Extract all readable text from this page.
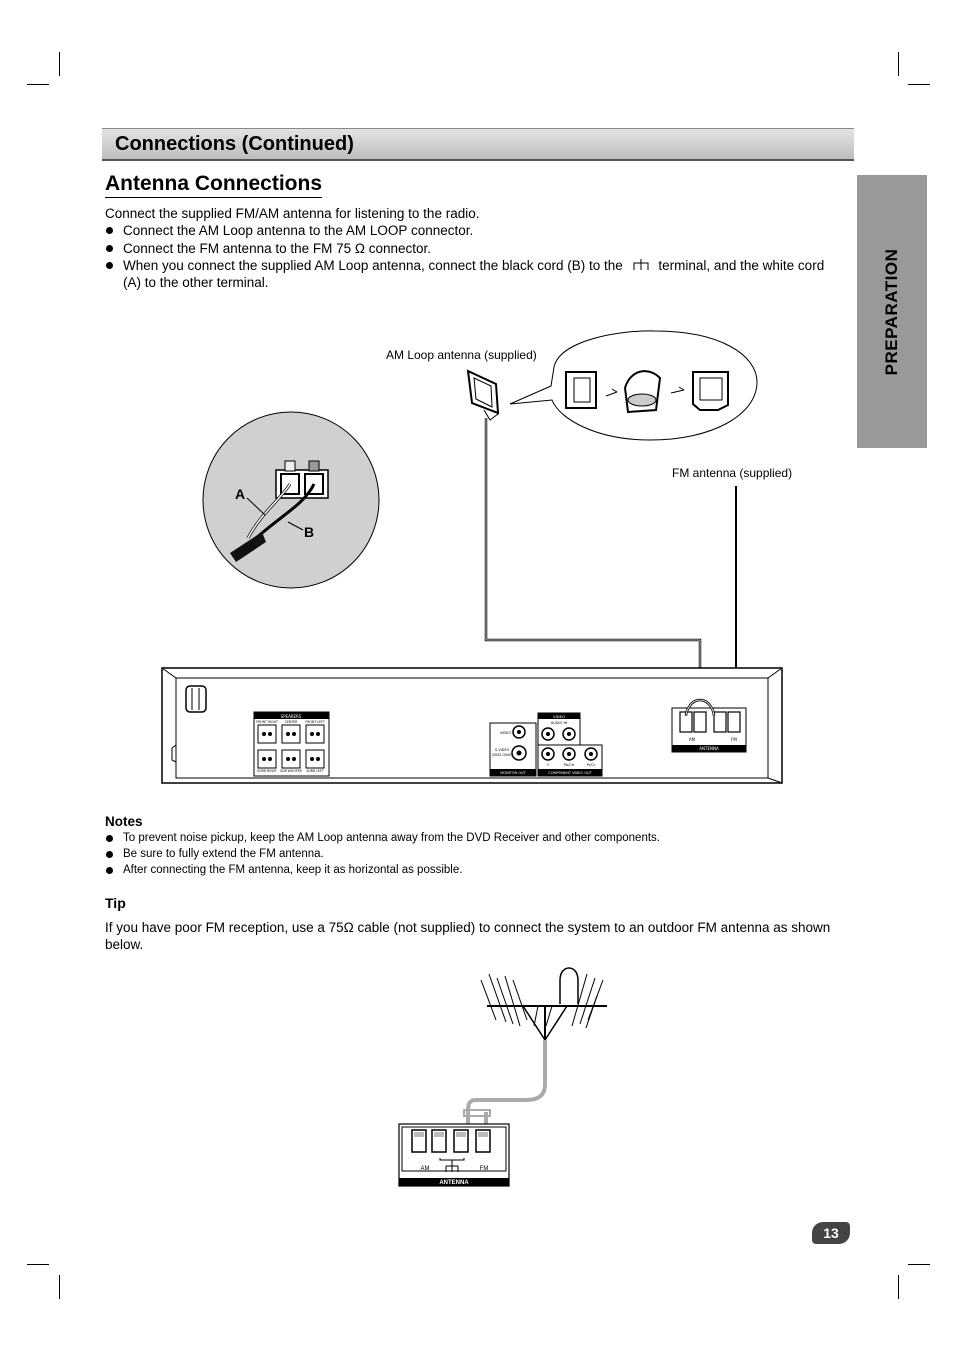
Connections (Continued)
PREPARATION
Antenna Connections
Connect the supplied FM/AM antenna for listening to the radio.
Connect the AM Loop antenna to the AM LOOP connector.
Connect the FM antenna to the FM 75 Ω connector.
When you connect the supplied AM Loop antenna, connect the black cord (B) to the	terminal, and the white cord (A) to the other terminal.
AM Loop antenna (supplied)
FM antenna (supplied)
SPEAKERS
FRONT RIGHT CENTER FRONT LEFT
SURR RIGHT SUB WOOFER SURR LEFT
VIDEO
S VIDEO
(DVD ONLY)
MONITOR OUT
VIDEO
AUDIO IN
Y	Pb/Cb	Pr/Cr
COMPONENT VIDEO OUT
AM	FM
ANTENNA
A
B
Notes
To prevent noise pickup, keep the AM Loop antenna away from the DVD Receiver and other components.
Be sure to fully extend the FM antenna.
After connecting the FM antenna, keep it as horizontal as possible.
Tip
If you have poor FM reception, use a 75Ω cable (not supplied) to connect the system to an outdoor FM antenna as shown below.
AM	FM
ANTENNA
13
